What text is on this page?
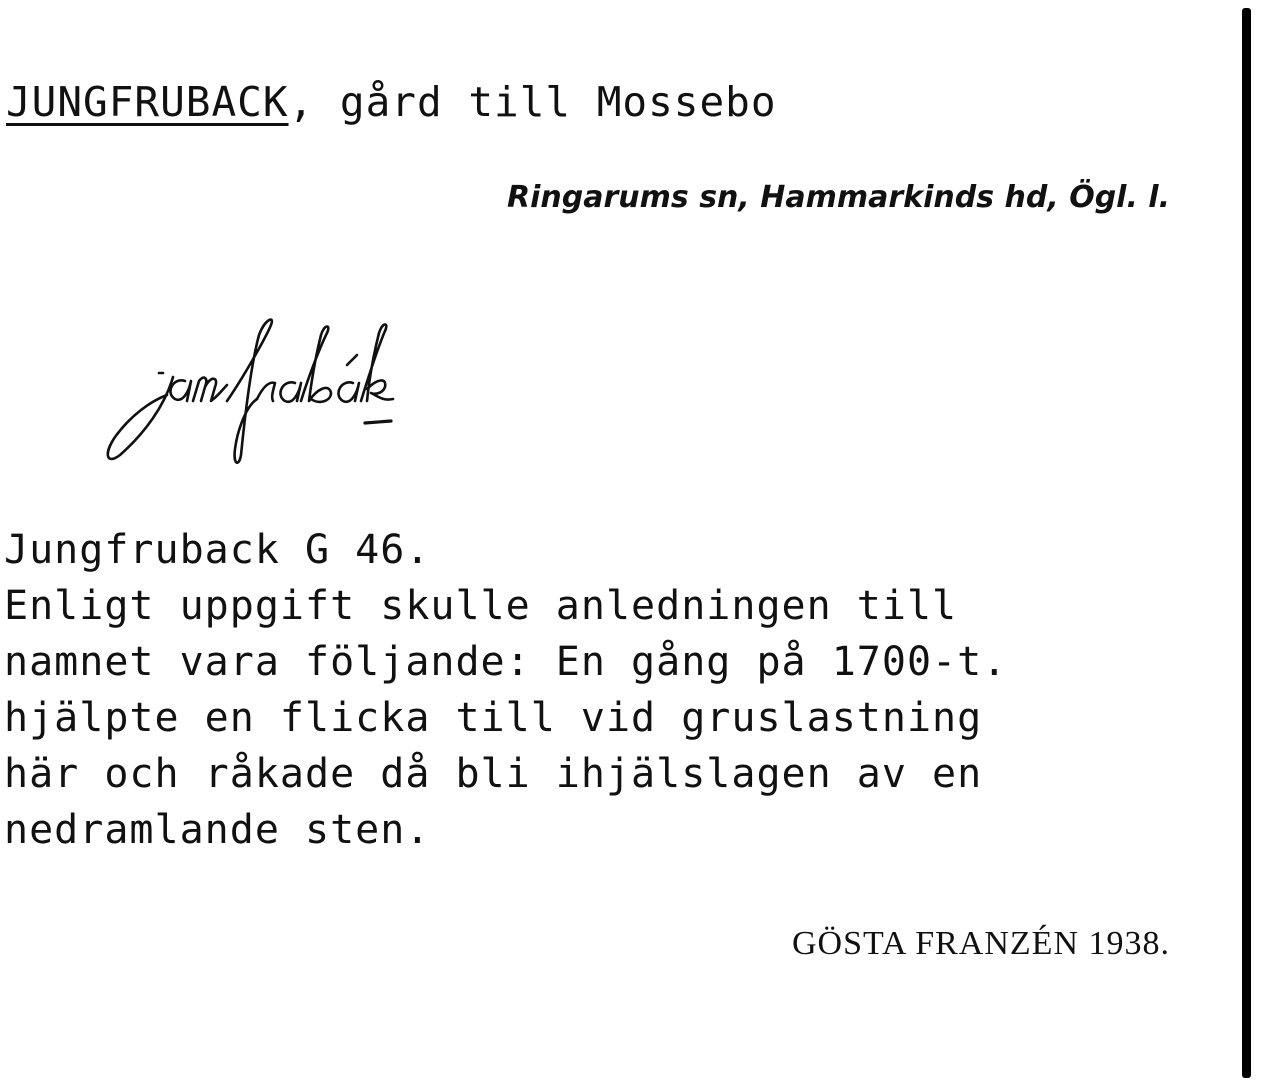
JUNGFRUBACK, gård till Mossebo
Ringarums sn, Hammarkinds hd, Ögl. l.
Jungfruback G 46.
Enligt uppgift skulle anledningen till
namnet vara följande: En gång på 1700-t.
hjälpte en flicka till vid gruslastning
här och råkade då bli ihjälslagen av en
nedramlande sten.
GÖSTA FRANZÉN 1938.
